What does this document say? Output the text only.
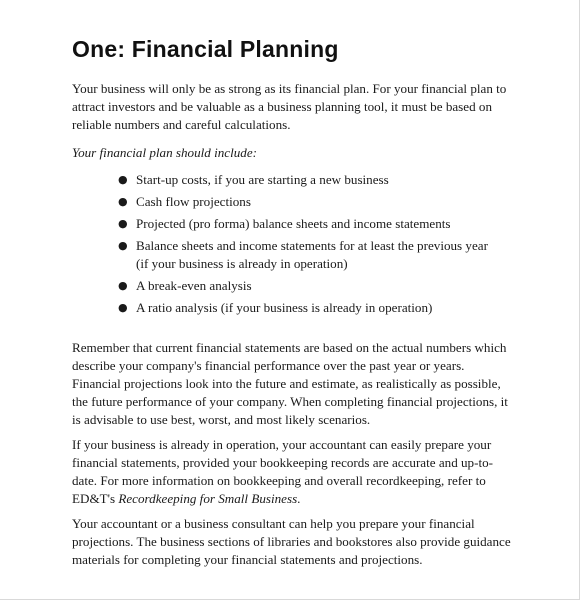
One: Financial Planning

Your business will only be as strong as its financial plan. For your financial plan to attract investors and be valuable as a business planning tool, it must be based on reliable numbers and careful calculations.

Your financial plan should include:

● Start-up costs, if you are starting a new business
● Cash flow projections
● Projected (pro forma) balance sheets and income statements
● Balance sheets and income statements for at least the previous year (if your business is already in operation)
● A break-even analysis
● A ratio analysis (if your business is already in operation)

Remember that current financial statements are based on the actual numbers which describe your company's financial performance over the past year or years. Financial projections look into the future and estimate, as realistically as possible, the future performance of your company. When completing financial projections, it is advisable to use best, worst, and most likely scenarios.

If your business is already in operation, your accountant can easily prepare your financial statements, provided your bookkeeping records are accurate and up-to-date. For more information on bookkeeping and overall recordkeeping, refer to ED&T's Recordkeeping for Small Business.

Your accountant or a business consultant can help you prepare your financial projections. The business sections of libraries and bookstores also provide guidance materials for completing your financial statements and projections.
